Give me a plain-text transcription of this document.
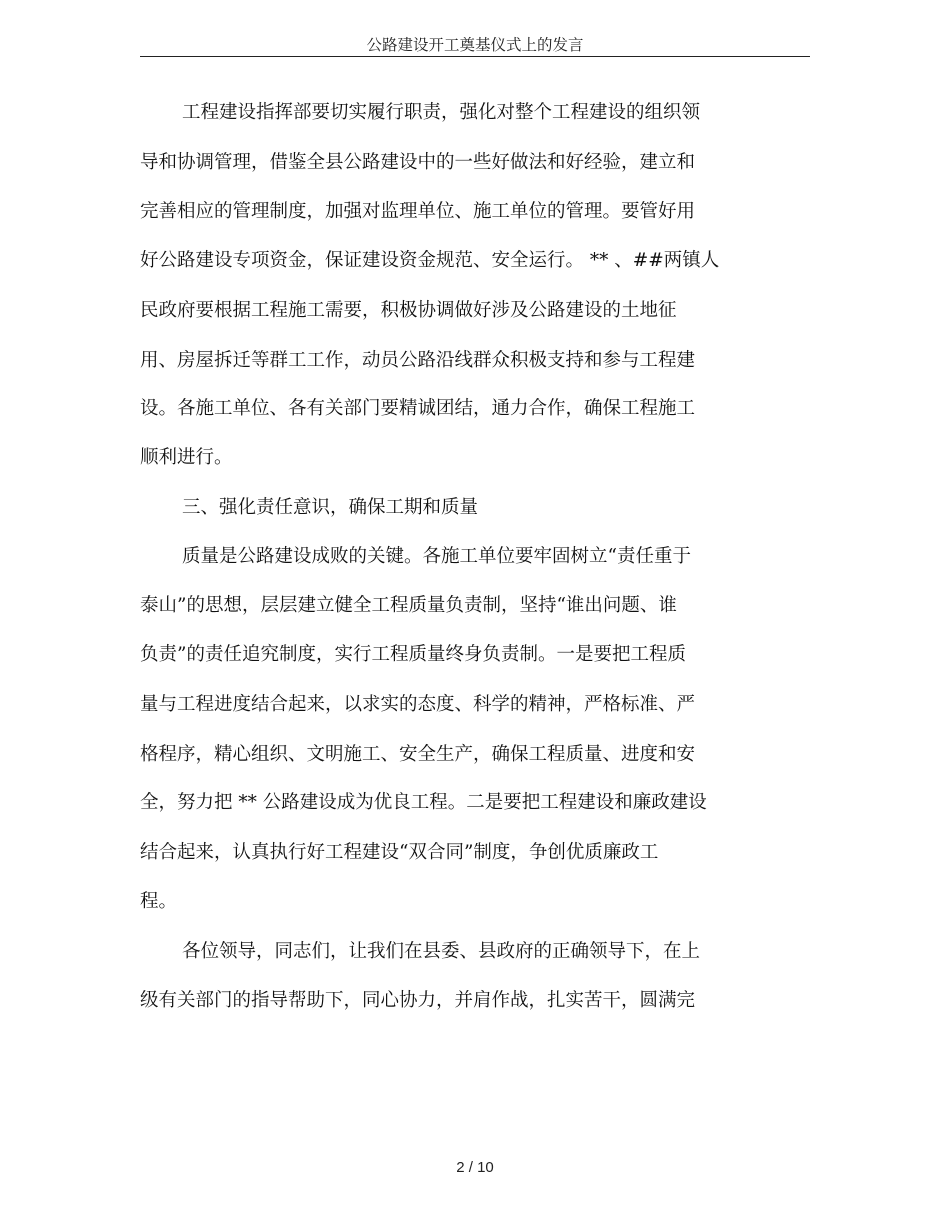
公路建设开工奠基仪式上的发言
工程建设指挥部要切实履行职责，强化对整个工程建设的组织领
导和协调管理，借鉴全县公路建设中的一些好做法和好经验，建立和
完善相应的管理制度，加强对监理单位、施工单位的管理。要管好用
好公路建设专项资金，保证建设资金规范、安全运行。 ** 、##两镇人
民政府要根据工程施工需要，积极协调做好涉及公路建设的土地征
用、房屋拆迁等群工工作，动员公路沿线群众积极支持和参与工程建
设。各施工单位、各有关部门要精诚团结，通力合作，确保工程施工
顺利进行。
三、强化责任意识，确保工期和质量
质量是公路建设成败的关键。各施工单位要牢固树立“责任重于
泰山”的思想，层层建立健全工程质量负责制，坚持“谁出问题、谁
负责”的责任追究制度，实行工程质量终身负责制。一是要把工程质
量与工程进度结合起来，以求实的态度、科学的精神，严格标准、严
格程序，精心组织、文明施工、安全生产，确保工程质量、进度和安
全，努力把 ** 公路建设成为优良工程。二是要把工程建设和廉政建设
结合起来，认真执行好工程建设“双合同”制度，争创优质廉政工
程。
各位领导，同志们，让我们在县委、县政府的正确领导下，在上
级有关部门的指导帮助下，同心协力，并肩作战，扎实苦干，圆满完
2 / 10
